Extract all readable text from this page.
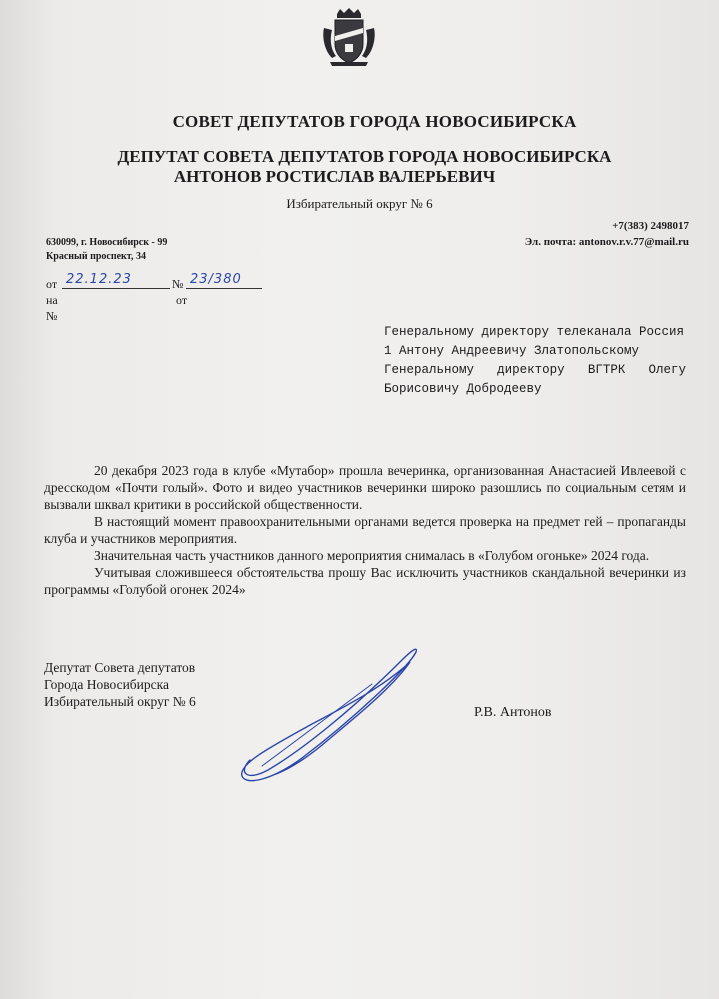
СОВЕТ ДЕПУТАТОВ ГОРОДА НОВОСИБИРСКА
ДЕПУТАТ СОВЕТА ДЕПУТАТОВ ГОРОДА НОВОСИБИРСКА
АНТОНОВ РОСТИСЛАВ ВАЛЕРЬЕВИЧ
Избирательный округ № 6
630099, г. Новосибирск - 99
Красный проспект, 34
+7(383) 2498017
Эл. почта: antonov.r.v.77@mail.ru
от 22.12.23	№ 23/380
на №
от

Генеральному директору телеканала Россия

1 Антону Андреевичу Златопольскому

Генеральному директору ВГТРК Олегу Борисовичу Добродееву

20 декабря 2023 года в клубе «Мутабор» прошла вечеринка, организованная Анастасией Ивлеевой с дресскодом «Почти голый». Фото и видео участников вечеринки широко разошлись по социальным сетям и вызвали шквал критики в российской общественности.

В настоящий момент правоохранительными органами ведется проверка на предмет гей – пропаганды клуба и участников мероприятия.

Значительная часть участников данного мероприятия снималась в «Голубом огоньке» 2024 года.

Учитывая сложившееся обстоятельства прошу Вас исключить участников скандальной вечеринки из программы «Голубой огонек 2024»

Депутат Совета депутатов
Города Новосибирска
Избирательный округ № 6
Р.В. Антонов
